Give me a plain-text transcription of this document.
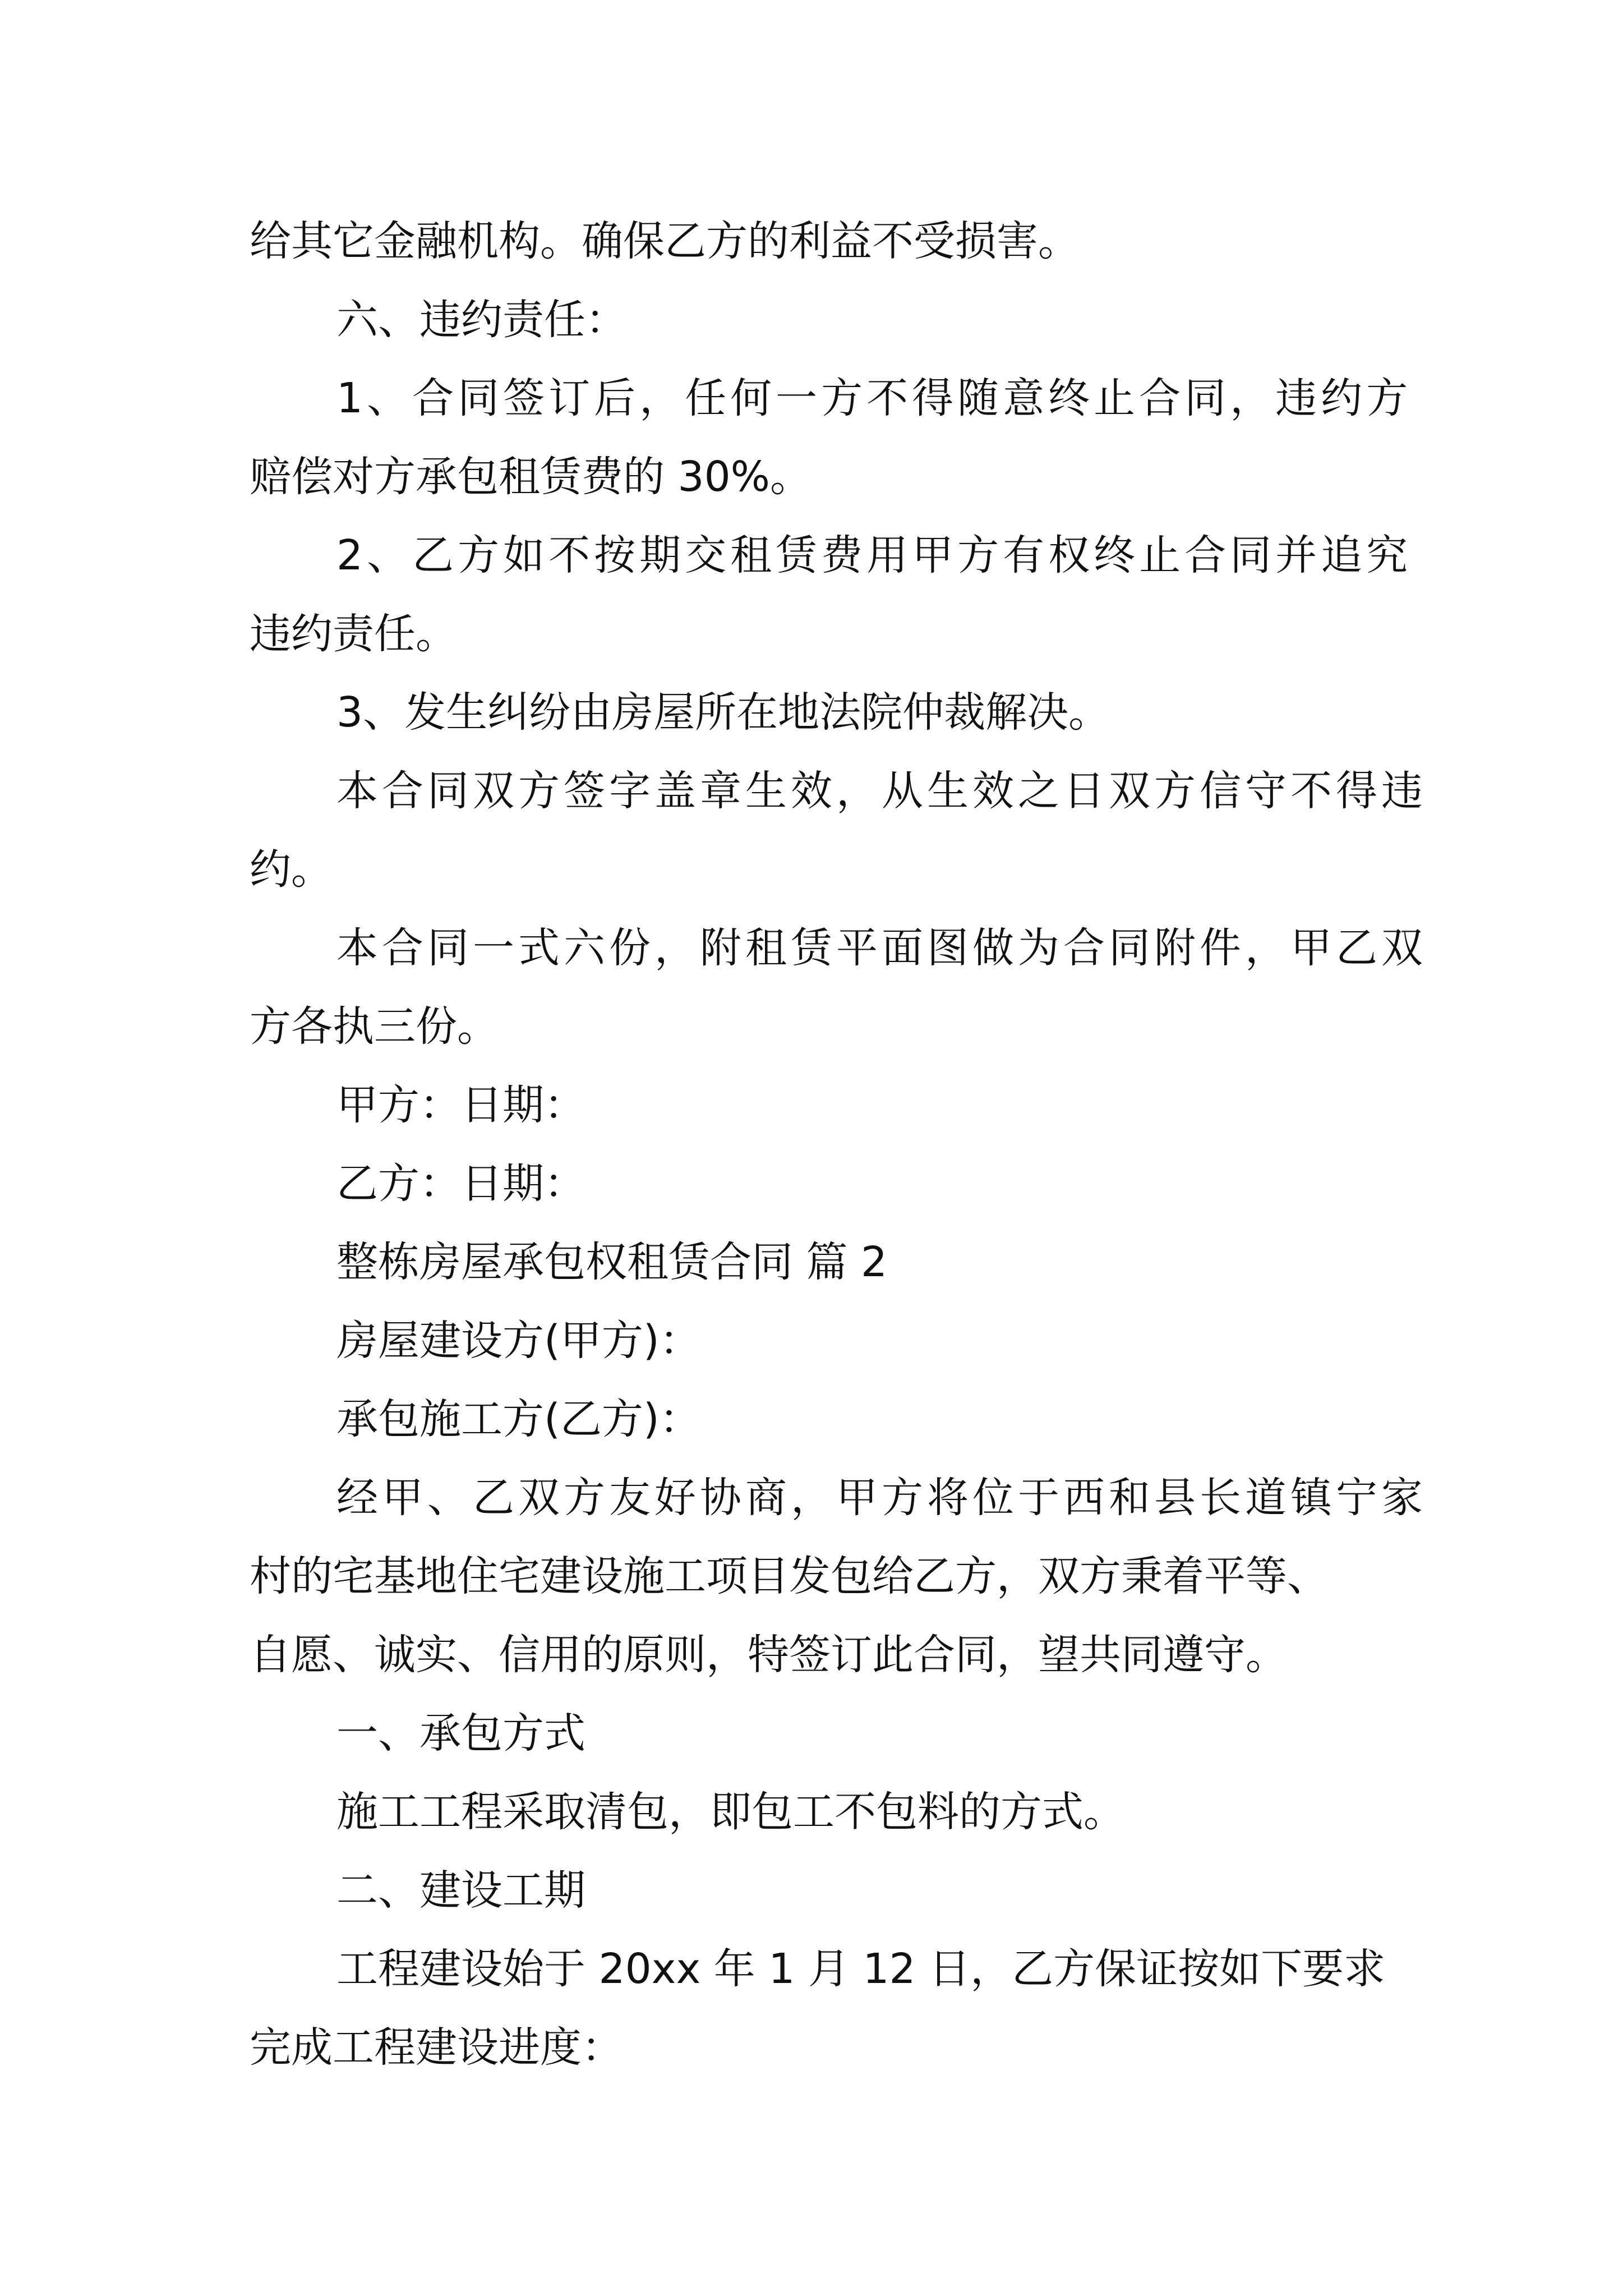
给其它金融机构。确保乙方的利益不受损害。
六、违约责任：
1、合同签订后，任何一方不得随意终止合同，违约方
赔偿对方承包租赁费的 30%。
2、乙方如不按期交租赁费用甲方有权终止合同并追究
违约责任。
3、发生纠纷由房屋所在地法院仲裁解决。
本合同双方签字盖章生效，从生效之日双方信守不得违
约。
本合同一式六份，附租赁平面图做为合同附件，甲乙双
方各执三份。
甲方：日期：
乙方：日期：
整栋房屋承包权租赁合同 篇 2
房屋建设方(甲方)：
承包施工方(乙方)：
经甲、乙双方友好协商，甲方将位于西和县长道镇宁家
村的宅基地住宅建设施工项目发包给乙方，双方秉着平等、
自愿、诚实、信用的原则，特签订此合同，望共同遵守。
一、承包方式
施工工程采取清包，即包工不包料的方式。
二、建设工期
工程建设始于 20xx 年 1 月 12 日，乙方保证按如下要求
完成工程建设进度：
